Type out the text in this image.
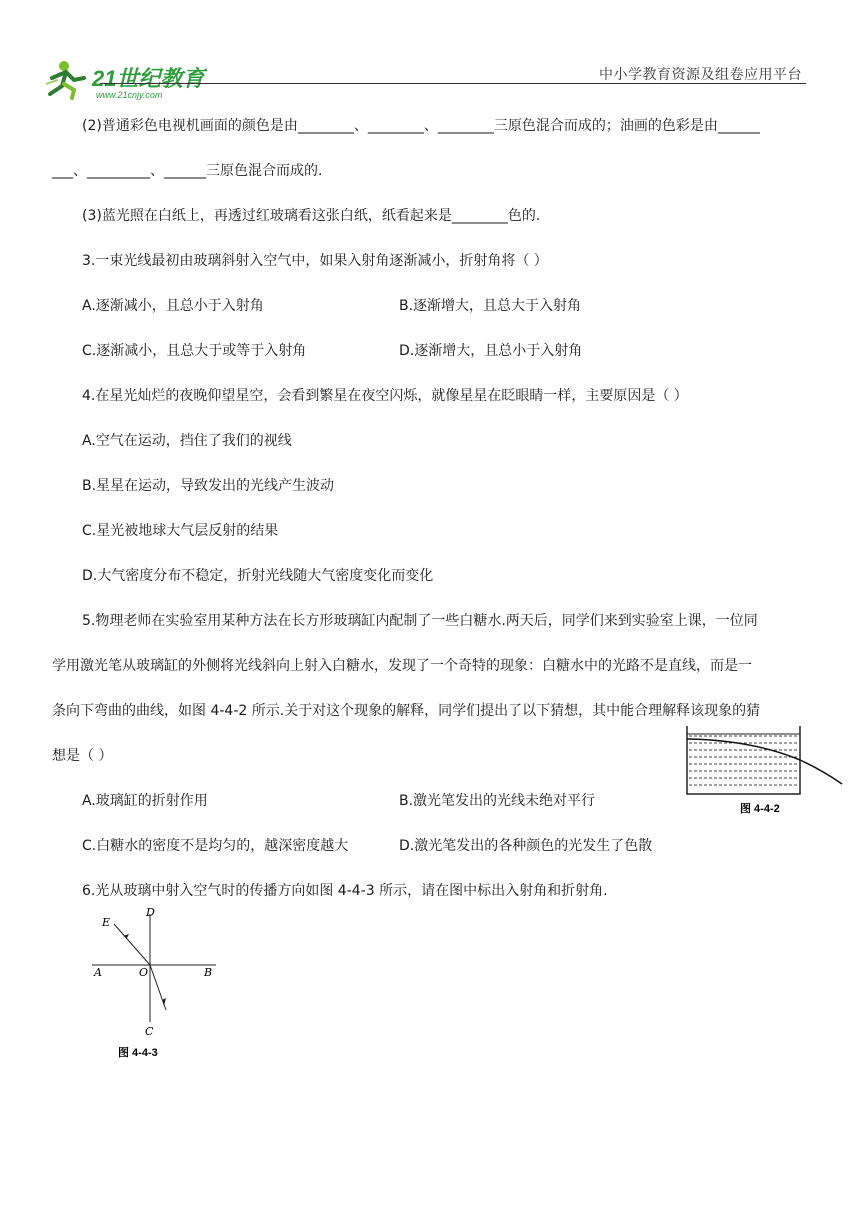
21世纪教育
www.21cnjy.com
中小学教育资源及组卷应用平台
(2)普通彩色电视机画面的颜色是由________、________、________三原色混合而成的；油画的色彩是由______
___、_________、______三原色混合而成的.
(3)蓝光照在白纸上，再透过红玻璃看这张白纸，纸看起来是________色的.
3.一束光线最初由玻璃斜射入空气中，如果入射角逐渐减小，折射角将（ ）
A.逐渐减小，且总小于入射角	B.逐渐增大，且总大于入射角
C.逐渐减小，且总大于或等于入射角	D.逐渐增大，且总小于入射角
4.在星光灿烂的夜晚仰望星空，会看到繁星在夜空闪烁，就像星星在眨眼睛一样，主要原因是（ ）
A.空气在运动，挡住了我们的视线
B.星星在运动，导致发出的光线产生波动
C.星光被地球大气层反射的结果
D.大气密度分布不稳定，折射光线随大气密度变化而变化
5.物理老师在实验室用某种方法在长方形玻璃缸内配制了一些白糖水.两天后，同学们来到实验室上课，一位同
学用激光笔从玻璃缸的外侧将光线斜向上射入白糖水，发现了一个奇特的现象：白糖水中的光路不是直线，而是一
条向下弯曲的曲线，如图 4-4-2 所示.关于对这个现象的解释，同学们提出了以下猜想，其中能合理解释该现象的猜
想是（ ）
A.玻璃缸的折射作用	B.激光笔发出的光线未绝对平行
C.白糖水的密度不是均匀的，越深密度越大	D.激光笔发出的各种颜色的光发生了色散
6.光从玻璃中射入空气时的传播方向如图 4-4-3 所示，请在图中标出入射角和折射角.
图 4-4-2
D
E
A	O	B
C
图 4-4-3
